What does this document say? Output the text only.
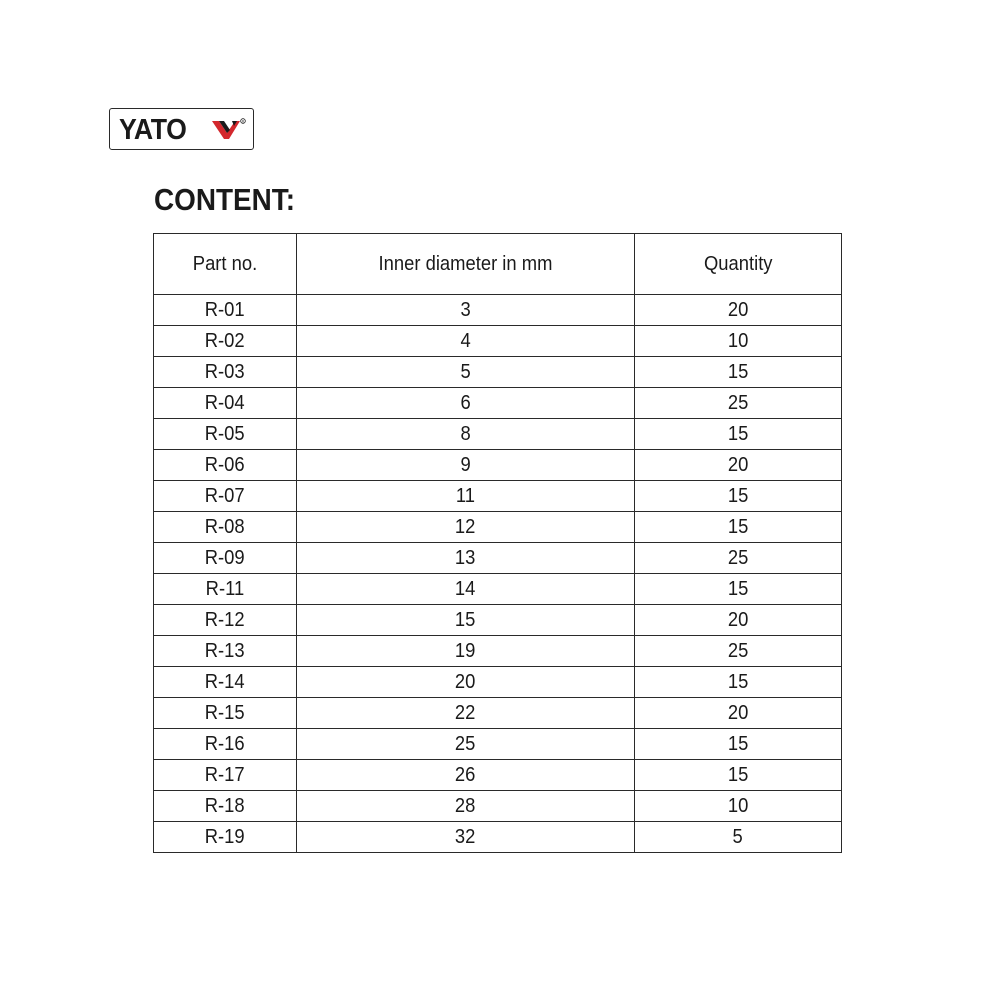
YATO	R
CONTENT:
Part no.	Inner diameter in mm	Quantity
R-01	3	20
R-02	4	10
R-03	5	15
R-04	6	25
R-05	8	15
R-06	9	20
R-07	11	15
R-08	12	15
R-09	13	25
R-11	14	15
R-12	15	20
R-13	19	25
R-14	20	15
R-15	22	20
R-16	25	15
R-17	26	15
R-18	28	10
R-19	32	5
